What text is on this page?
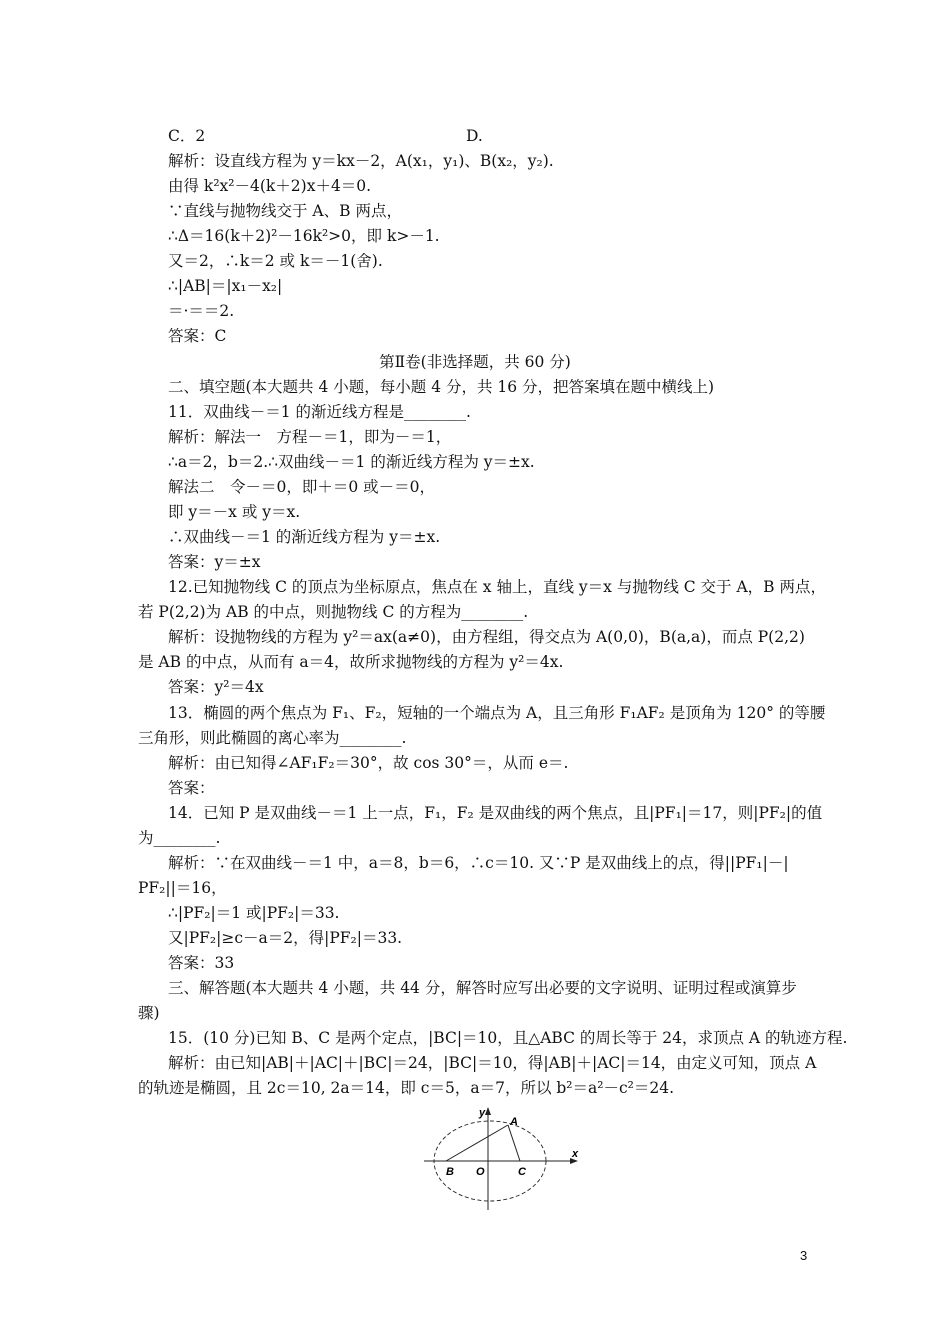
C．2	D.
解析：设直线方程为 y＝kx－2，A(x₁，y₁)、B(x₂，y₂).
由得 k²x²－4(k＋2)x＋4＝0.
∵直线与抛物线交于 A、B 两点，
∴Δ＝16(k＋2)²－16k²>0，即 k>－1.
又＝2，∴k＝2 或 k＝－1(舍).
∴|AB|＝|x₁－x₂|
＝·＝＝2.
答案：C
第Ⅱ卷(非选择题，共 60 分)
二、填空题(本大题共 4 小题，每小题 4 分，共 16 分，把答案填在题中横线上)
11．双曲线－＝1 的渐近线方程是________.
解析：解法一　方程－＝1，即为－＝1，
∴a＝2，b＝2.∴双曲线－＝1 的渐近线方程为 y＝±x.
解法二　令－＝0，即＋＝0 或－＝0，
即 y＝－x 或 y＝x.
∴双曲线－＝1 的渐近线方程为 y＝±x.
答案：y＝±x
12.已知抛物线 C 的顶点为坐标原点，焦点在 x 轴上，直线 y＝x 与抛物线 C 交于 A，B 两点，
若 P(2,2)为 AB 的中点，则抛物线 C 的方程为________.
解析：设抛物线的方程为 y²＝ax(a≠0)，由方程组，得交点为 A(0,0)，B(a,a)，而点 P(2,2)
是 AB 的中点，从而有 a＝4，故所求抛物线的方程为 y²＝4x.
答案：y²＝4x
13．椭圆的两个焦点为 F₁、F₂，短轴的一个端点为 A，且三角形 F₁AF₂ 是顶角为 120° 的等腰
三角形，则此椭圆的离心率为________.
解析：由已知得∠AF₁F₂＝30°，故 cos 30°＝，从而 e＝.
答案：
14．已知 P 是双曲线－＝1 上一点，F₁，F₂ 是双曲线的两个焦点，且|PF₁|＝17，则|PF₂|的值
为________.
解析：∵在双曲线－＝1 中，a＝8，b＝6，∴c＝10. 又∵P 是双曲线上的点，得||PF₁|－|
PF₂||＝16，
∴|PF₂|＝1 或|PF₂|＝33.
又|PF₂|≥c－a＝2，得|PF₂|＝33.
答案：33
三、解答题(本大题共 4 小题，共 44 分，解答时应写出必要的文字说明、证明过程或演算步
骤)
15．(10 分)已知 B、C 是两个定点，|BC|＝10，且△ABC 的周长等于 24，求顶点 A 的轨迹方程.
解析：由已知|AB|＋|AC|＋|BC|＝24，|BC|＝10，得|AB|＋|AC|＝14，由定义可知，顶点 A
的轨迹是椭圆，且 2c＝10, 2a＝14，即 c＝5，a＝7，所以 b²＝a²－c²＝24.
y
x
A
B O	C
3
